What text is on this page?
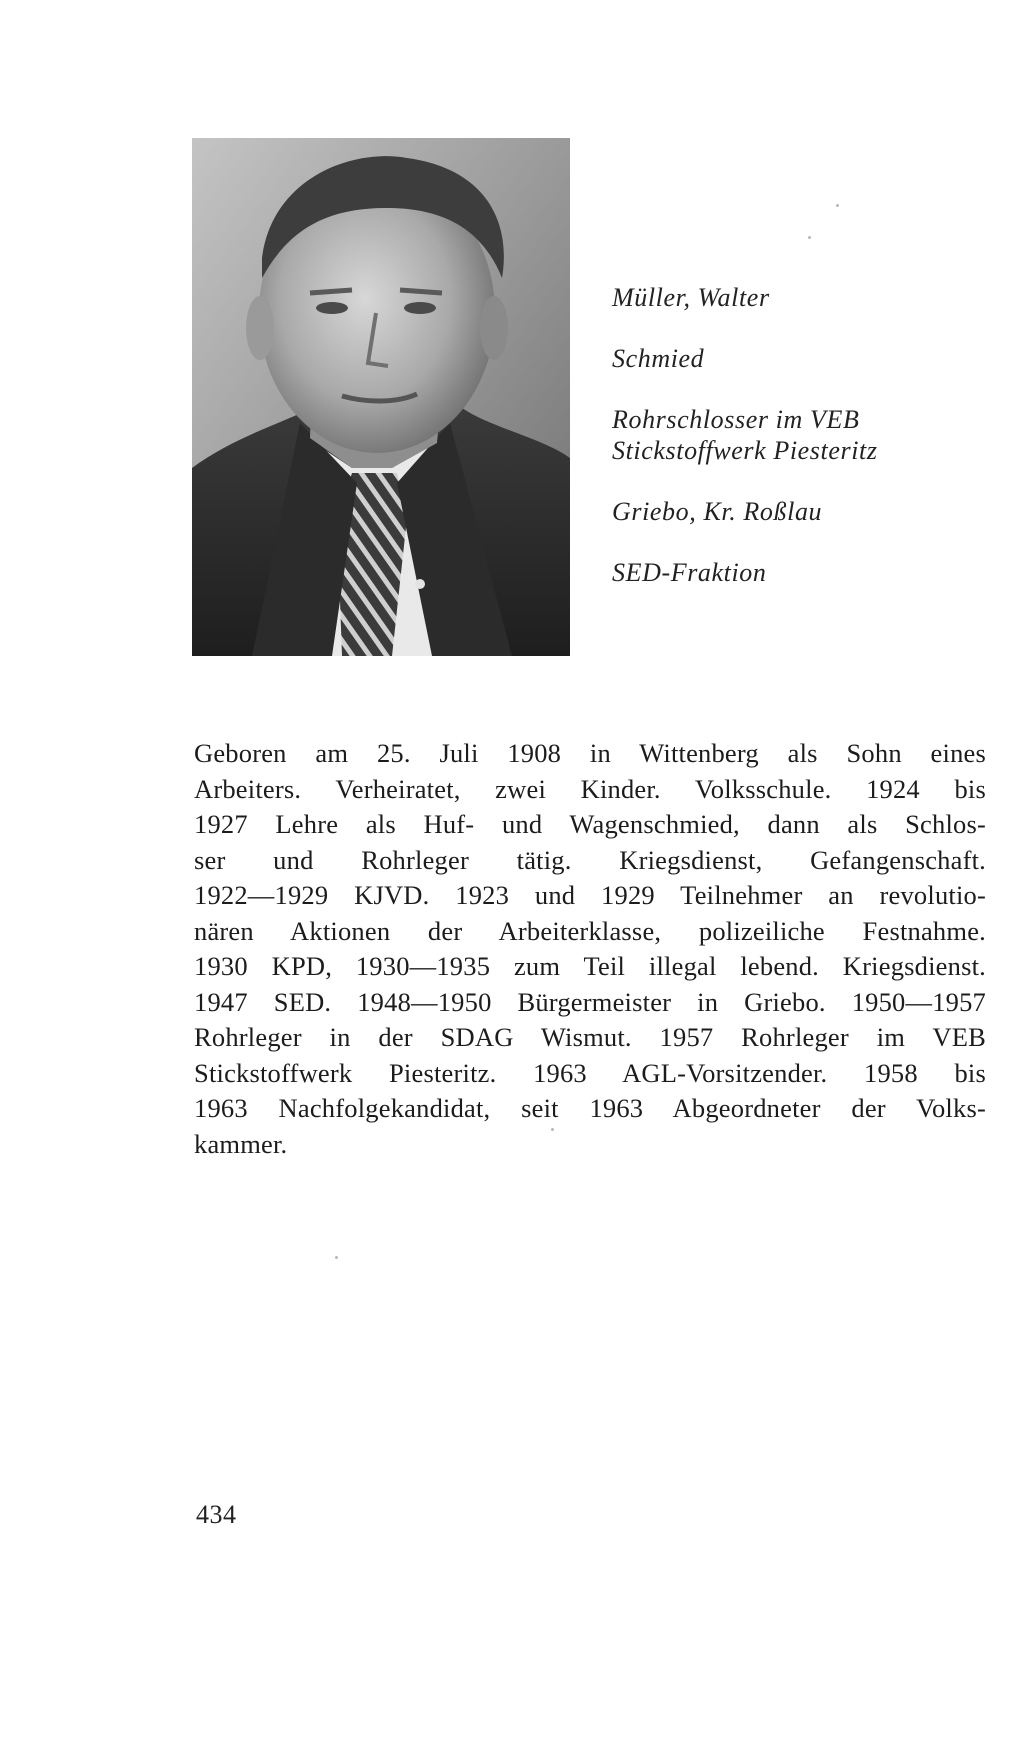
Müller, Walter
Schmied
Rohrschlosser im VEB
Stickstoffwerk Piesteritz
Griebo, Kr. Roßlau
SED-Fraktion
Geboren am 25. Juli 1908 in Wittenberg als Sohn eines
Arbeiters. Verheiratet, zwei Kinder. Volksschule. 1924 bis
1927 Lehre als Huf- und Wagenschmied, dann als Schlos-
ser und Rohrleger tätig. Kriegsdienst, Gefangenschaft.
1922—1929 KJVD. 1923 und 1929 Teilnehmer an revolutio-
nären Aktionen der Arbeiterklasse, polizeiliche Festnahme.
1930 KPD, 1930—1935 zum Teil illegal lebend. Kriegsdienst.
1947 SED. 1948—1950 Bürgermeister in Griebo. 1950—1957
Rohrleger in der SDAG Wismut. 1957 Rohrleger im VEB
Stickstoffwerk Piesteritz. 1963 AGL-Vorsitzender. 1958 bis
1963 Nachfolgekandidat, seit 1963 Abgeordneter der Volks-
kammer.
434
